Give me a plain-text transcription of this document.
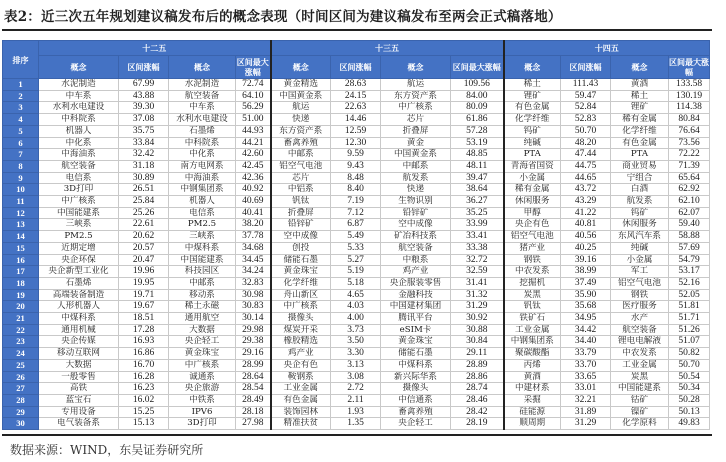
表2：近三次五年规划建议稿发布后的概念表现（时间区间为建议稿发布至两会正式稿落地）
排序	十二五				十三五				十四五			
	概念	区间涨幅	概念	区间最大涨幅	概念	区间涨幅	概念	区间最大涨幅	概念	区间涨幅	概念	区间最大涨幅
1	水泥制造	67.99	水泥制造	72.74	黄金精选	28.63	航运	109.56	稀土	111.43	黄酒	133.58
2	中车系	43.88	航空装备	64.10	中国黄金系	24.15	东方资产系	84.00	锂矿	59.47	稀土	130.19
3	水利水电建设	39.30	中车系	56.29	航运	22.63	中广核系	80.09	有色金属	52.84	锂矿	114.38
4	中科院系	37.08	水利水电建设	51.00	快递	14.46	芯片	61.86	化学纤维	52.83	稀有金属	80.84
5	机器人	35.75	石墨烯	44.93	东方资产系	12.59	折叠屏	57.28	钨矿	50.70	化学纤维	76.64
6	中化系	33.84	中科院系	44.21	畜禽养殖	12.30	黄金	53.19	纯碱	48.20	有色金属	73.56
7	中海油系	32.42	中化系	42.60	中邮系	9.59	中国黄金系	48.85	PTA	47.44	PTA	72.22
8	航空装备	31.18	南方电网系	42.45	铝空气电池	9.43	中邮系	48.11	青海省国资	44.75	商业贸易	71.39
9	电信系	30.89	中海油系	42.36	芯片	8.48	航发系	39.47	小金属	44.65	宁组合	65.64
10	3D打印	26.51	中钢集团系	40.92	中铝系	8.40	快递	38.64	稀有金属	43.72	白酒	62.92
11	中广核系	25.84	机器人	40.69	钒钛	7.19	生物识别	36.27	休闲服务	43.29	航发系	62.10
12	中国能建系	25.26	电信系	40.41	折叠屏	7.12	铅锌矿	35.25	甲醇	41.22	钨矿	62.07
13	三峡系	22.61	PM2.5	38.20	铅锌矿	6.87	空中成像	33.99	央企有色	40.81	休闲服务	59.40
14	PM2.5	20.62	三峡系	37.78	空中成像	5.49	矿冶科技系	33.41	铝空气电池	40.56	东风汽车系	58.88
15	近期定增	20.57	中煤科系	34.68	创投	5.33	航空装备	33.38	猪产业	40.25	纯碱	57.69
16	央企环保	20.47	中国能建系	34.45	储能石墨	5.27	中粮系	32.72	钢铁	39.16	小金属	54.79
17	央企新型工业化	19.96	科技园区	34.24	黄金珠宝	5.19	鸡产业	32.59	中农发系	38.99	军工	53.17
18	石墨烯	19.95	中邮系	32.83	化学纤维	5.18	央企服装零售	31.41	挖掘机	37.49	铝空气电池	52.16
19	高端装备制造	19.71	移动系	30.98	舟山新区	4.65	金融科技	31.32	炭黑	35.90	钢铁	52.05
20	人形机器人	19.67	稀土永磁	30.83	中广核系	4.03	中国建材集团	31.29	钒钛	35.68	医疗服务	51.81
21	中煤科系	18.51	通用航空	30.14	摄像头	4.00	腾讯平台	30.92	铁矿石	34.95	水产	51.71
22	通用机械	17.28	大数据	29.98	煤炭开采	3.73	eSIM卡	30.88	工业金属	34.42	航空装备	51.26
23	央企传媒	16.93	央企轻工	29.38	橡胶精选	3.50	黄金珠宝	30.84	中钢集团系	34.40	锂电电解液	51.07
24	移动互联网	16.86	黄金珠宝	29.16	鸡产业	3.30	储能石墨	29.11	聚碳酸酯	33.79	中农发系	50.82
25	大数据	16.70	中广核系	28.99	央企有色	3.13	中煤科系	28.89	丙烯	33.70	工业金属	50.70
26	一般零售	16.28	诚通系	28.64	鞍钢系	3.08	新兴际华系	28.86	黄酒	33.65	炭黑	50.54
27	高铁	16.23	央企旅游	28.54	工业金属	2.72	摄像头	28.74	中建材系	33.01	中国能建系	50.34
28	蓝宝石	16.02	中铁系	28.49	有色金属	2.11	中信通系	28.46	采掘	32.21	钴矿	50.28
29	专用设备	15.25	IPV6	28.18	装饰园林	1.93	畜禽养殖	28.42	硅能源	31.89	镍矿	50.13
30	电气装备系	15.13	3D打印	27.98	精准扶贫	1.35	央企轻工	28.19	顺周期	31.29	化学原料	49.83
数据来源：WIND，东吴证券研究所
